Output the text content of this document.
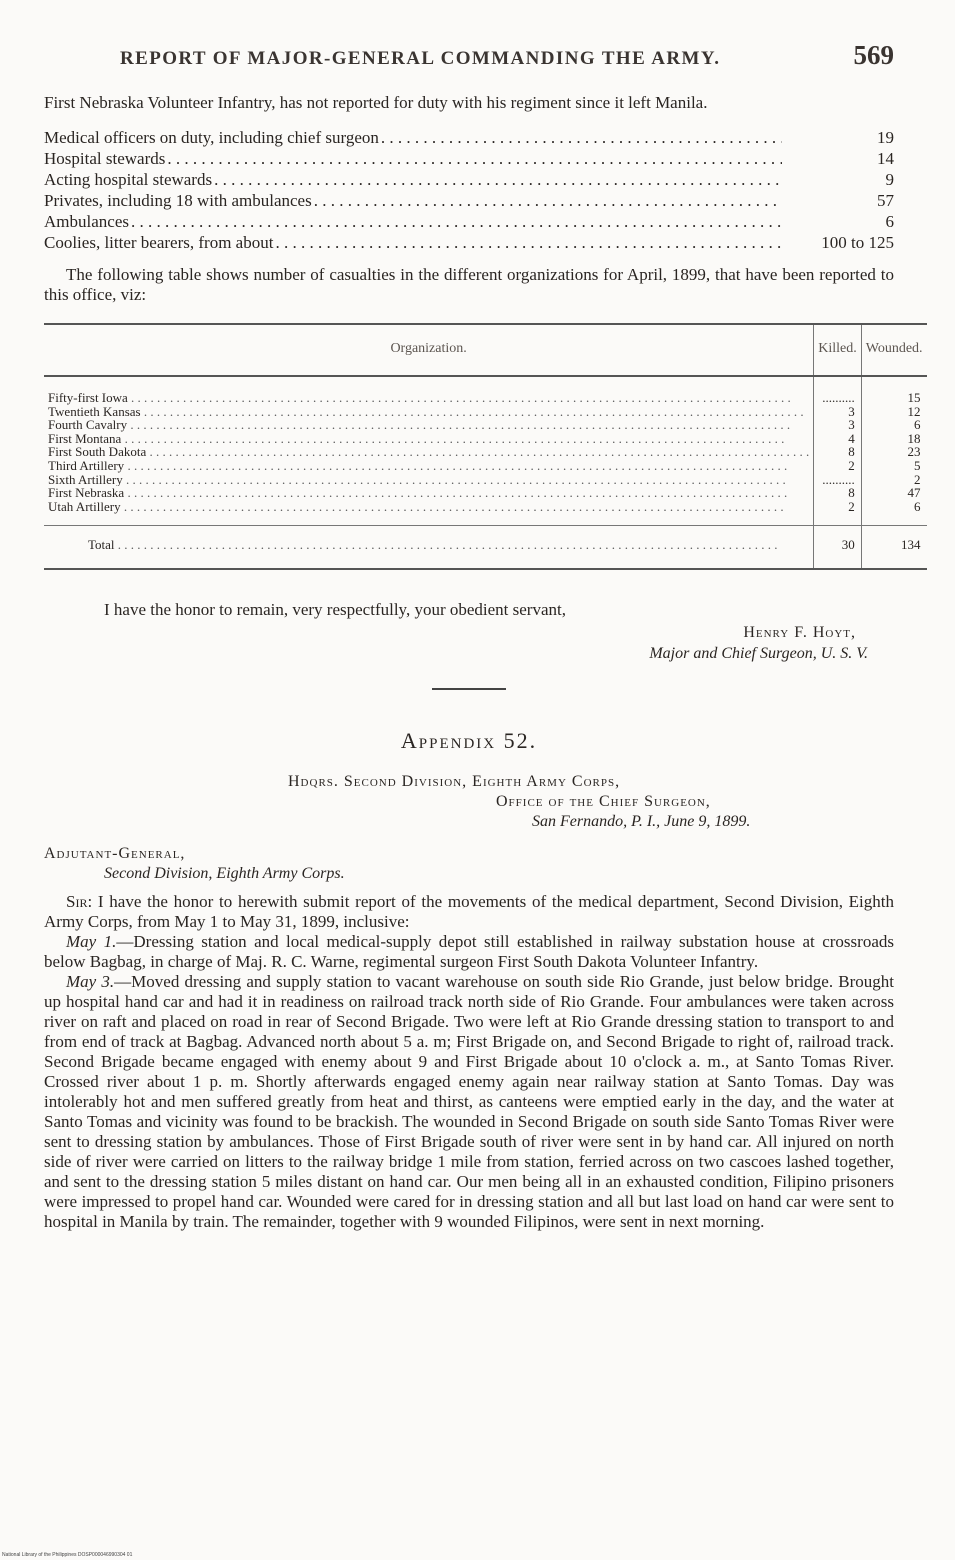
REPORT OF MAJOR-GENERAL COMMANDING THE ARMY.	569

First Nebraska Volunteer Infantry, has not reported for duty with his regiment since it left Manila.

Medical officers on duty, including chief surgeon . . .	19
Hospital stewards . . .	14
Acting hospital stewards . . .	9
Privates, including 18 with ambulances . . .	57
Ambulances . . .	6
Coolies, litter bearers, from about . . .	100 to 125

The following table shows number of casualties in the different organizations for April, 1899, that have been reported to this office, viz:

Organization.	Killed.	Wounded.
Fifty-first Iowa . . .	..........	15
Twentieth Kansas . . .	3	12
Fourth Cavalry . . .	3	6
First Montana . . .	4	18
First South Dakota . . .	8	23
Third Artillery . . .	2	5
Sixth Artillery . . .	..........	2
First Nebraska . . .	8	47
Utah Artillery . . .	2	6
Total . . .	30	134

I have the honor to remain, very respectfully, your obedient servant,

Henry F. Hoyt,
Major and Chief Surgeon, U. S. V.
Appendix 52.
Hdqrs. Second Division, Eighth Army Corps,
Office of the Chief Surgeon,
San Fernando, P. I., June 9, 1899.
Adjutant-General,
Second Division, Eighth Army Corps.

Sir: I have the honor to herewith submit report of the movements of the medical department, Second Division, Eighth Army Corps, from May 1 to May 31, 1899, inclusive:

May 1.—Dressing station and local medical-supply depot still established in railway substation house at crossroads below Bagbag, in charge of Maj. R. C. Warne, regimental surgeon First South Dakota Volunteer Infantry.

May 3.—Moved dressing and supply station to vacant warehouse on south side Rio Grande, just below bridge. Brought up hospital hand car and had it in readiness on railroad track north side of Rio Grande. Four ambulances were taken across river on raft and placed on road in rear of Second Brigade. Two were left at Rio Grande dressing station to transport to and from end of track at Bagbag. Advanced north about 5 a. m; First Brigade on, and Second Brigade to right of, railroad track. Second Brigade became engaged with enemy about 9 and First Brigade about 10 o'clock a. m., at Santo Tomas River. Crossed river about 1 p. m. Shortly afterwards engaged enemy again near railway station at Santo Tomas. Day was intolerably hot and men suffered greatly from heat and thirst, as canteens were emptied early in the day, and the water at Santo Tomas and vicinity was found to be brackish. The wounded in Second Brigade on south side Santo Tomas River were sent to dressing station by ambulances. Those of First Brigade south of river were sent in by hand car. All injured on north side of river were carried on litters to the railway bridge 1 mile from station, ferried across on two cascoes lashed together, and sent to the dressing station 5 miles distant on hand car. Our men being all in an exhausted condition, Filipino prisoners were impressed to propel hand car. Wounded were cared for in dressing station and all but last load on hand car were sent to hospital in Manila by train. The remainder, together with 9 wounded Filipinos, were sent in next morning.

National Library of the Philippines DOSP000046990304 01
